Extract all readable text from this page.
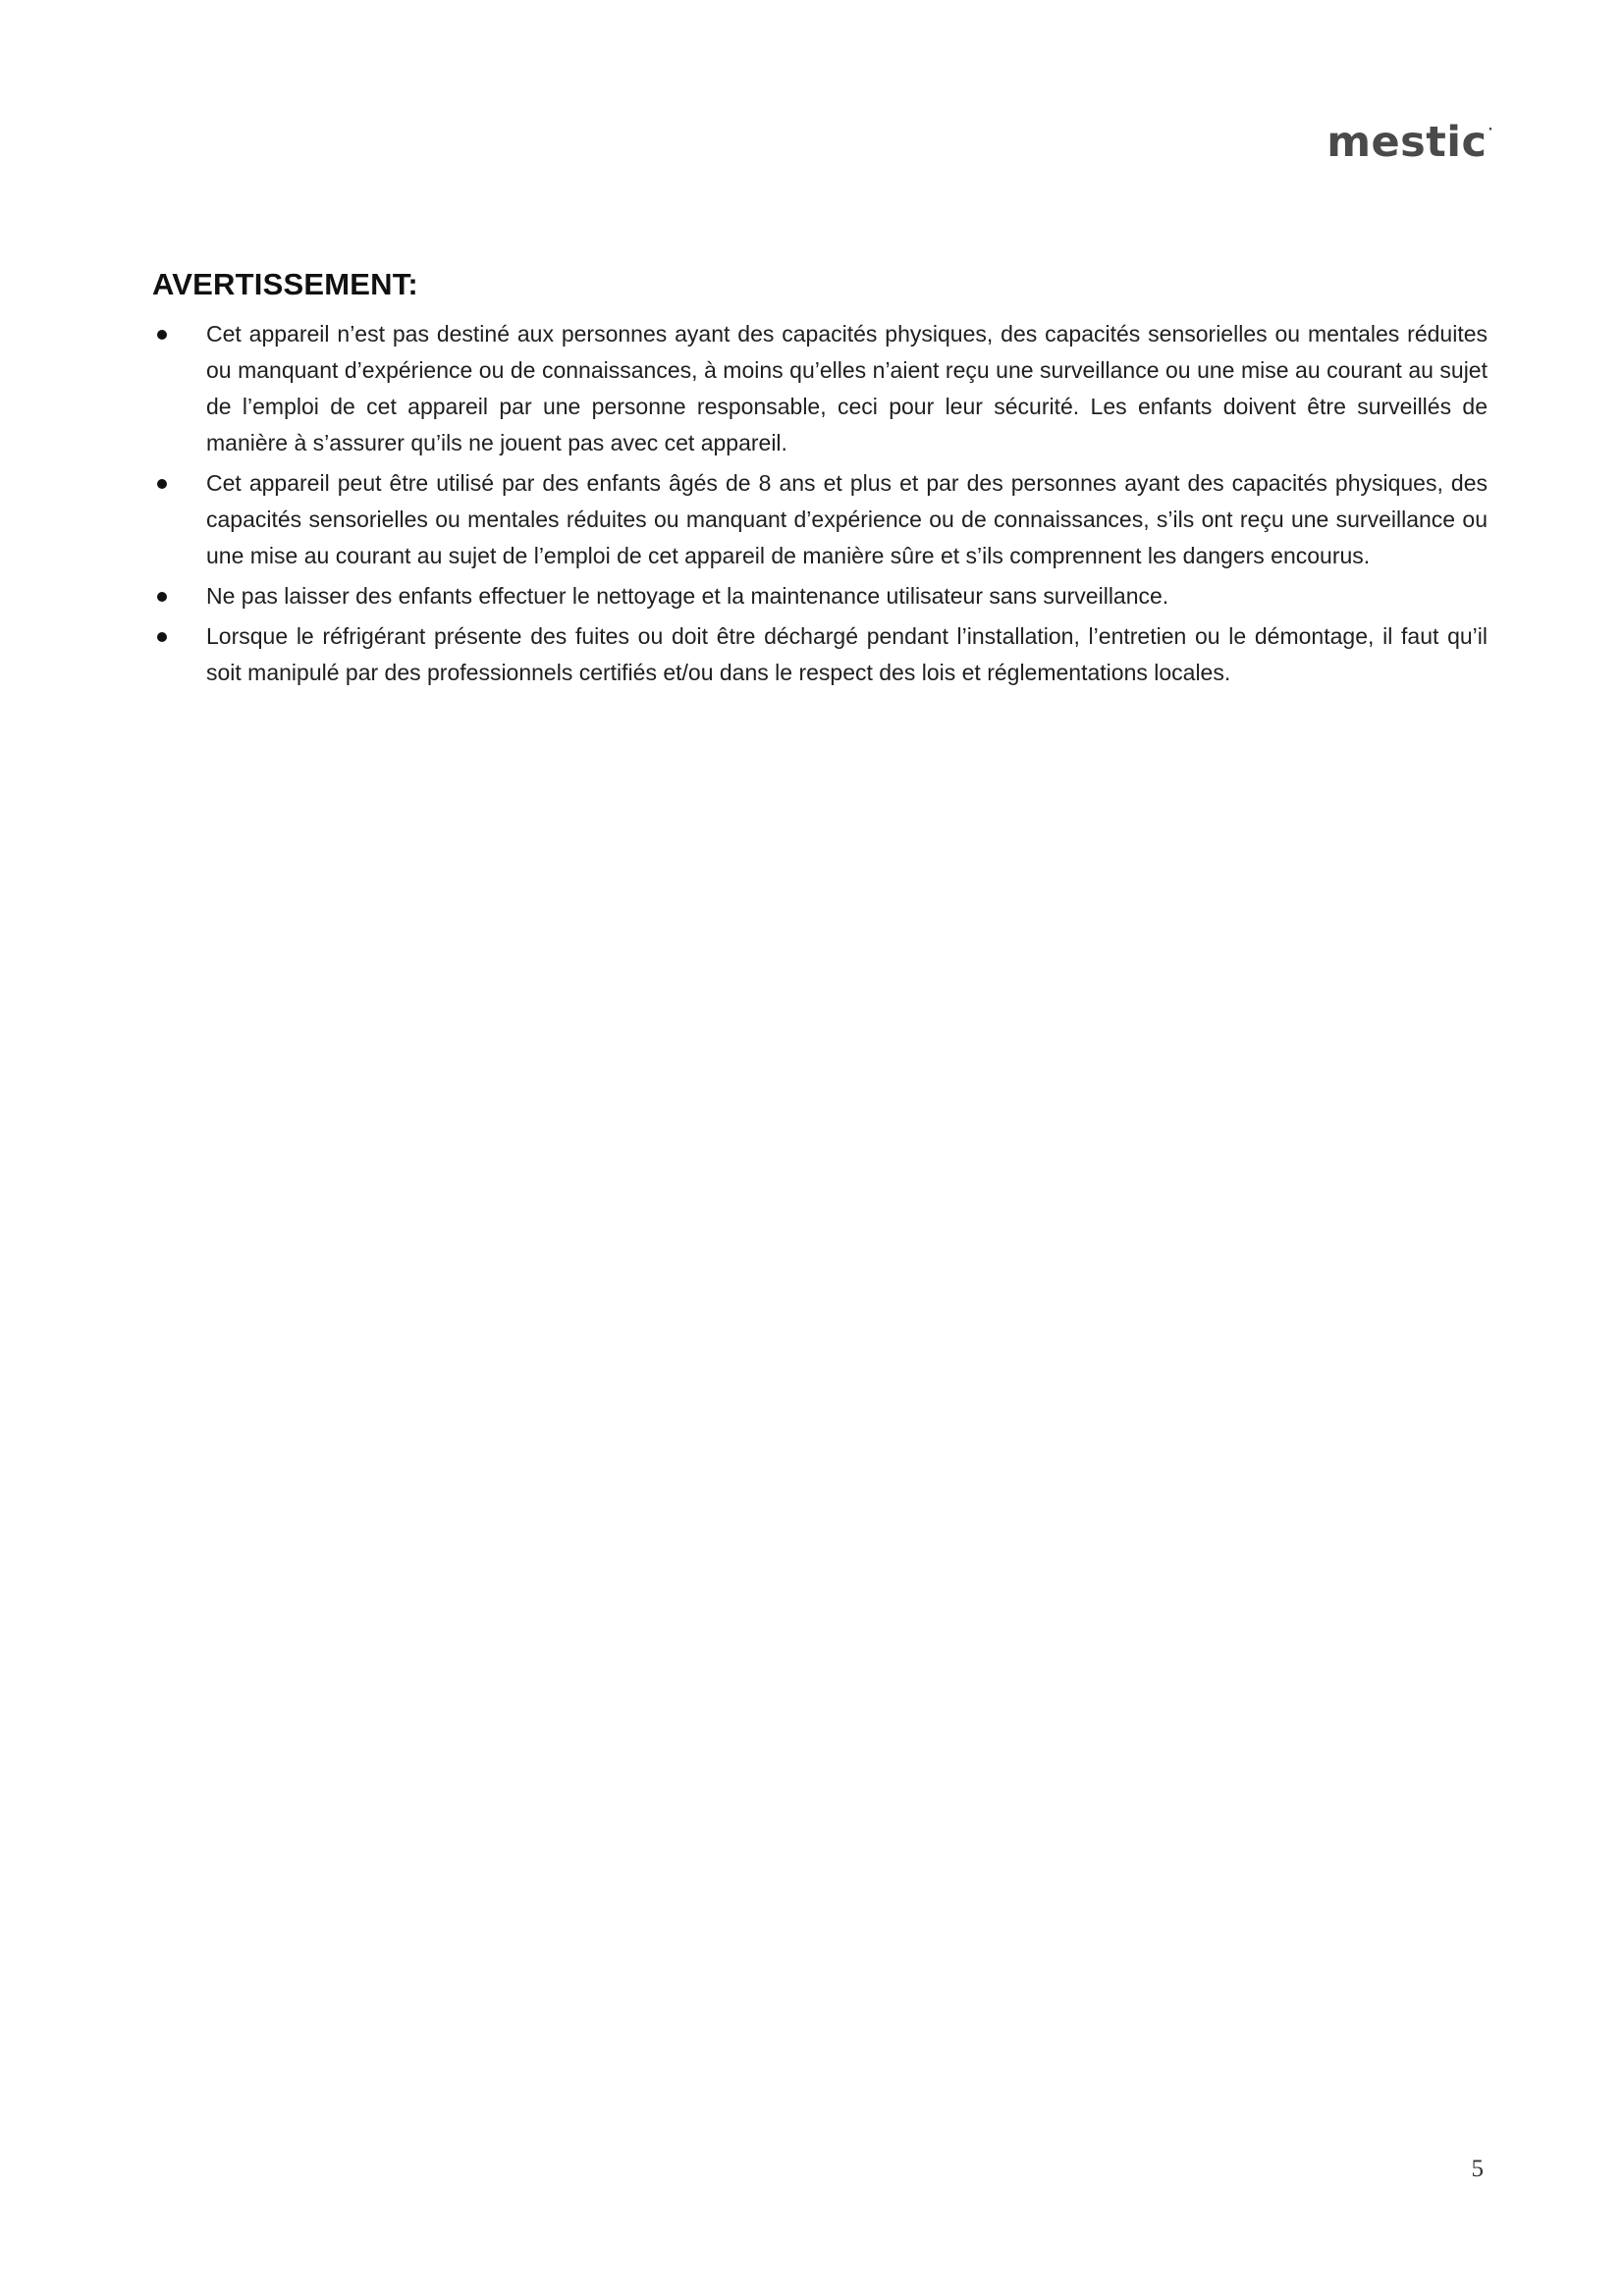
mestic·
AVERTISSEMENT:
Cet appareil n’est pas destiné aux personnes ayant des capacités physiques, des capacités sensorielles ou mentales réduites ou manquant d’expérience ou de connaissances, à moins qu’elles n’aient reçu une surveillance ou une mise au courant au sujet de l’emploi de cet appareil par une personne responsable, ceci pour leur sécurité. Les enfants doivent être surveillés de manière à s’assurer qu’ils ne jouent pas avec cet appareil.
Cet appareil peut être utilisé par des enfants âgés de 8 ans et plus et par des personnes ayant des capacités physiques, des capacités sensorielles ou mentales réduites ou manquant d’expérience ou de connaissances, s’ils ont reçu une surveillance ou une mise au courant au sujet de l’emploi de cet appareil de manière sûre et s’ils comprennent les dangers encourus.
Ne pas laisser des enfants effectuer le nettoyage et la maintenance utilisateur sans surveillance.
Lorsque le réfrigérant présente des fuites ou doit être déchargé pendant l’installation, l’entretien ou le démontage, il faut qu’il soit manipulé par des professionnels certifiés et/ou dans le respect des lois et réglementations locales.
5
